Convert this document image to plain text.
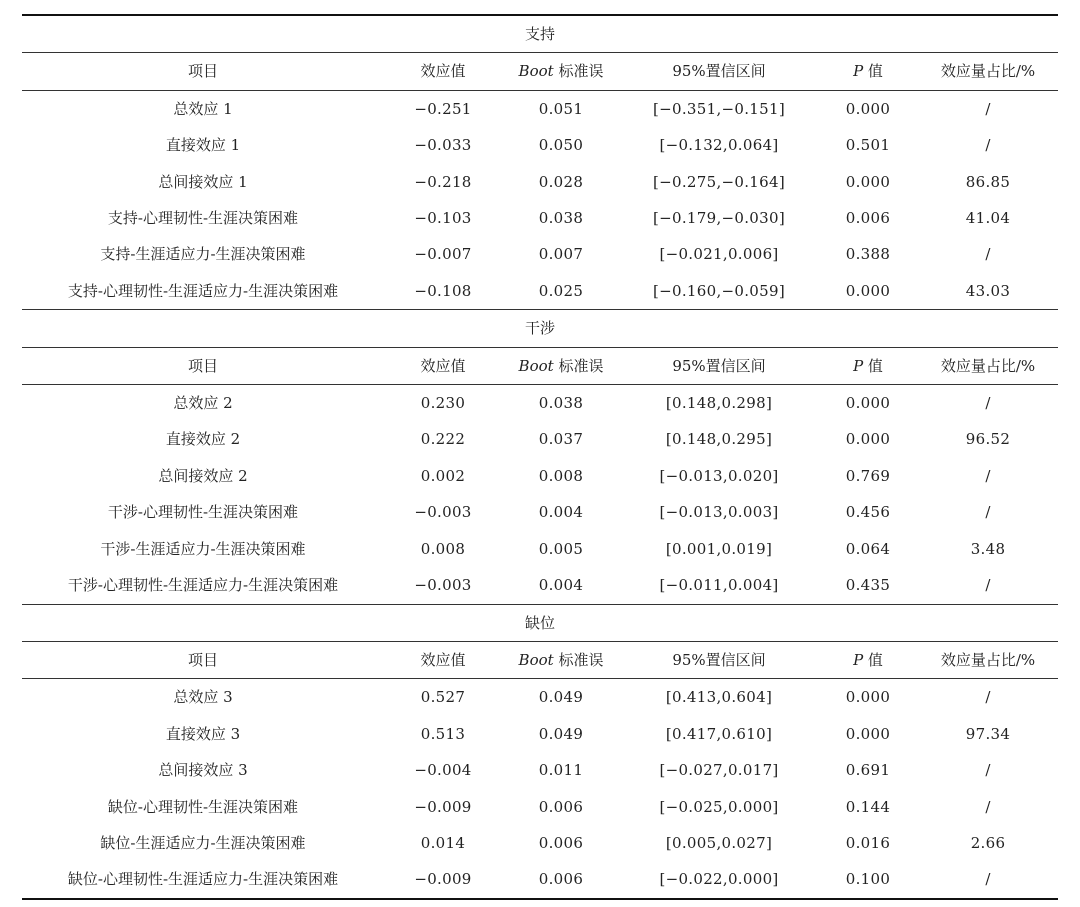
支持					
项目	效应值	Boot 标准误	95%置信区间	P 值	效应量占比/%
总效应 1	−0.251	0.051	[−0.351,−0.151]	0.000	/
直接效应 1	−0.033	0.050	[−0.132,0.064]	0.501	/
总间接效应 1	−0.218	0.028	[−0.275,−0.164]	0.000	86.85
支持-心理韧性-生涯决策困难	−0.103	0.038	[−0.179,−0.030]	0.006	41.04
支持-生涯适应力-生涯决策困难	−0.007	0.007	[−0.021,0.006]	0.388	/
支持-心理韧性-生涯适应力-生涯决策困难	−0.108	0.025	[−0.160,−0.059]	0.000	43.03
干涉					
项目	效应值	Boot 标准误	95%置信区间	P 值	效应量占比/%
总效应 2	0.230	0.038	[0.148,0.298]	0.000	/
直接效应 2	0.222	0.037	[0.148,0.295]	0.000	96.52
总间接效应 2	0.002	0.008	[−0.013,0.020]	0.769	/
干涉-心理韧性-生涯决策困难	−0.003	0.004	[−0.013,0.003]	0.456	/
干涉-生涯适应力-生涯决策困难	0.008	0.005	[0.001,0.019]	0.064	3.48
干涉-心理韧性-生涯适应力-生涯决策困难	−0.003	0.004	[−0.011,0.004]	0.435	/
缺位					
项目	效应值	Boot 标准误	95%置信区间	P 值	效应量占比/%
总效应 3	0.527	0.049	[0.413,0.604]	0.000	/
直接效应 3	0.513	0.049	[0.417,0.610]	0.000	97.34
总间接效应 3	−0.004	0.011	[−0.027,0.017]	0.691	/
缺位-心理韧性-生涯决策困难	−0.009	0.006	[−0.025,0.000]	0.144	/
缺位-生涯适应力-生涯决策困难	0.014	0.006	[0.005,0.027]	0.016	2.66
缺位-心理韧性-生涯适应力-生涯决策困难	−0.009	0.006	[−0.022,0.000]	0.100	/
